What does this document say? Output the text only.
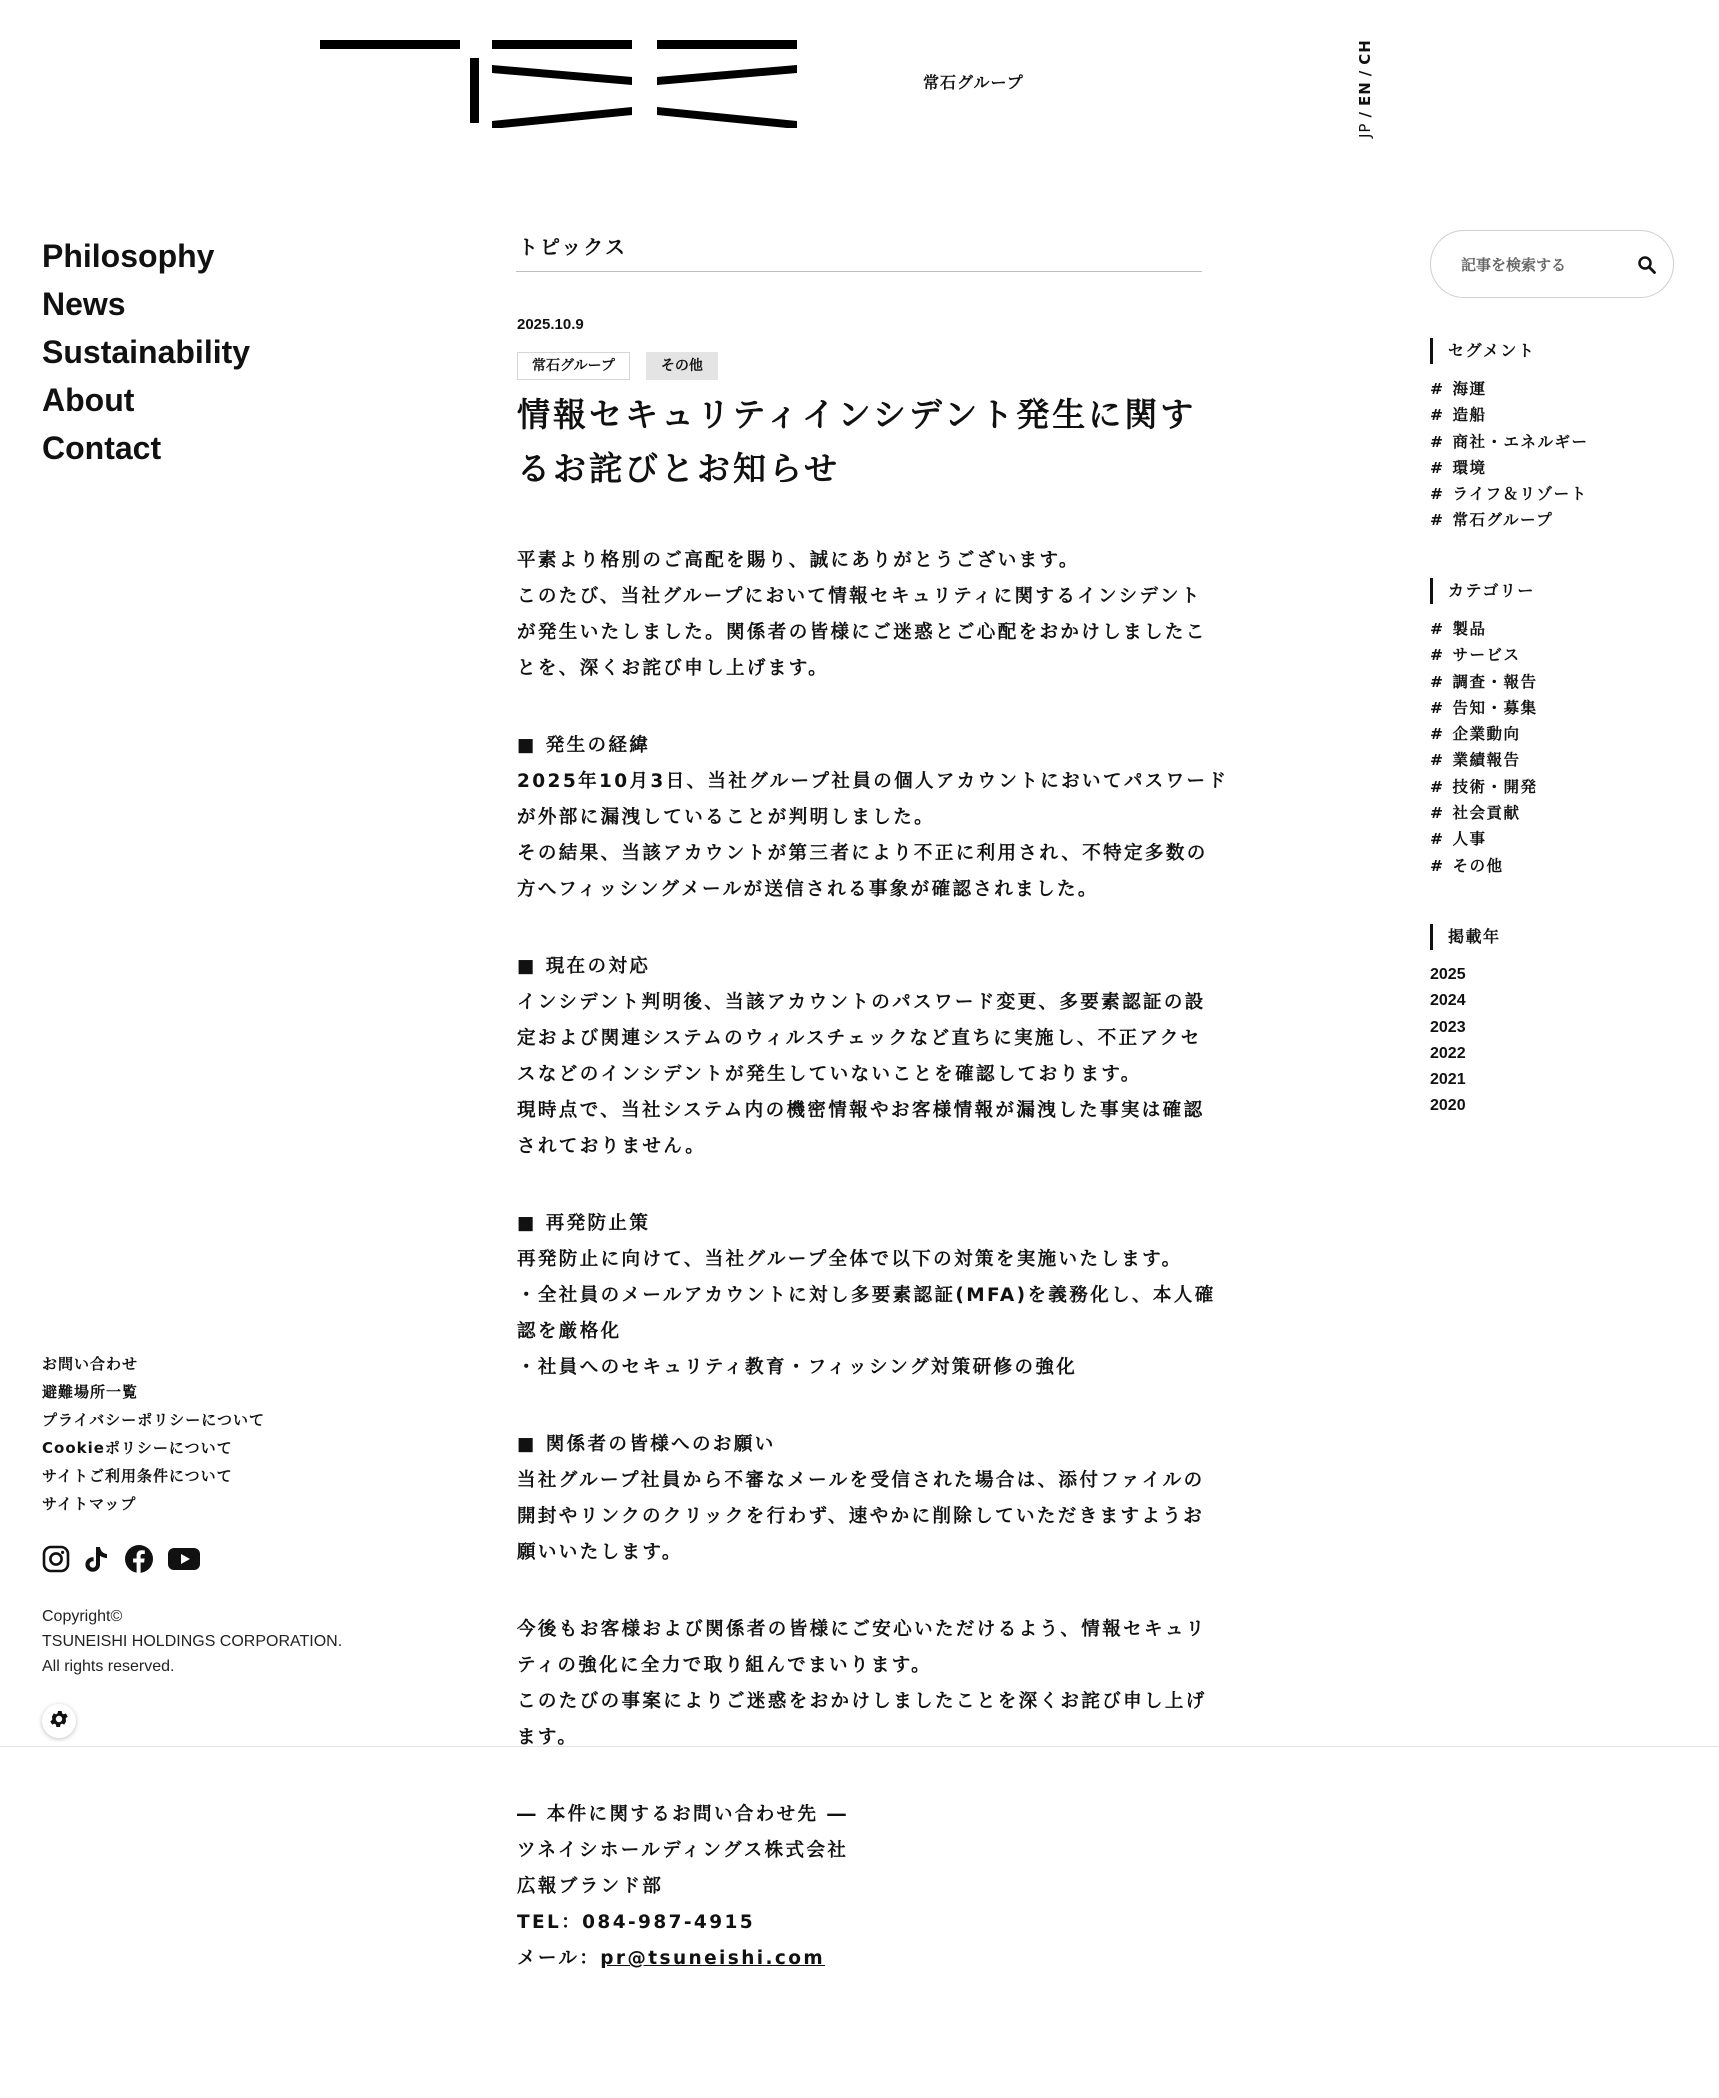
常石グループ
JP/EN/CH
Philosophy
News
Sustainability
About
Contact
お問い合わせ
避難場所一覧
プライバシーポリシーについて
Cookieポリシーについて
サイトご利用条件について
サイトマップ
Copyright©
TSUNEISHI HOLDINGS CORPORATION.
All rights reserved.
トピックス
2025.10.9
常石グループ	その他
情報セキュリティインシデント発生に関す
るお詫びとお知らせ

平素より格別のご高配を賜り、誠にありがとうございます。

このたび、当社グループにおいて情報セキュリティに関するインシデント

が発生いたしました。関係者の皆様にご迷惑とご心配をおかけしましたこ

とを、深くお詫び申し上げます。

■ 発生の経緯

2025年10月3日、当社グループ社員の個人アカウントにおいてパスワード

が外部に漏洩していることが判明しました。

その結果、当該アカウントが第三者により不正に利用され、不特定多数の

方へフィッシングメールが送信される事象が確認されました。

■ 現在の対応

インシデント判明後、当該アカウントのパスワード変更、多要素認証の設

定および関連システムのウィルスチェックなど直ちに実施し、不正アクセ

スなどのインシデントが発生していないことを確認しております。

現時点で、当社システム内の機密情報やお客様情報が漏洩した事実は確認

されておりません。

■ 再発防止策

再発防止に向けて、当社グループ全体で以下の対策を実施いたします。

・全社員のメールアカウントに対し多要素認証(MFA)を義務化し、本人確

認を厳格化

・社員へのセキュリティ教育・フィッシング対策研修の強化

■ 関係者の皆様へのお願い

当社グループ社員から不審なメールを受信された場合は、添付ファイルの

開封やリンクのクリックを行わず、速やかに削除していただきますようお

願いいたします。

今後もお客様および関係者の皆様にご安心いただけるよう、情報セキュリ

ティの強化に全力で取り組んでまいります。

このたびの事案によりご迷惑をおかけしましたことを深くお詫び申し上げ

ます。

― 本件に関するお問い合わせ先 ―

ツネイシホールディングス株式会社

広報ブランド部

TEL：084-987-4915

メール：pr@tsuneishi.com

記事を検索する
セグメント
# 海運
# 造船
# 商社・エネルギー
# 環境
# ライフ＆リゾート
# 常石グループ
カテゴリー
# 製品
# サービス
# 調査・報告
# 告知・募集
# 企業動向
# 業績報告
# 技術・開発
# 社会貢献
# 人事
# その他
掲載年
2025
2024
2023
2022
2021
2020
